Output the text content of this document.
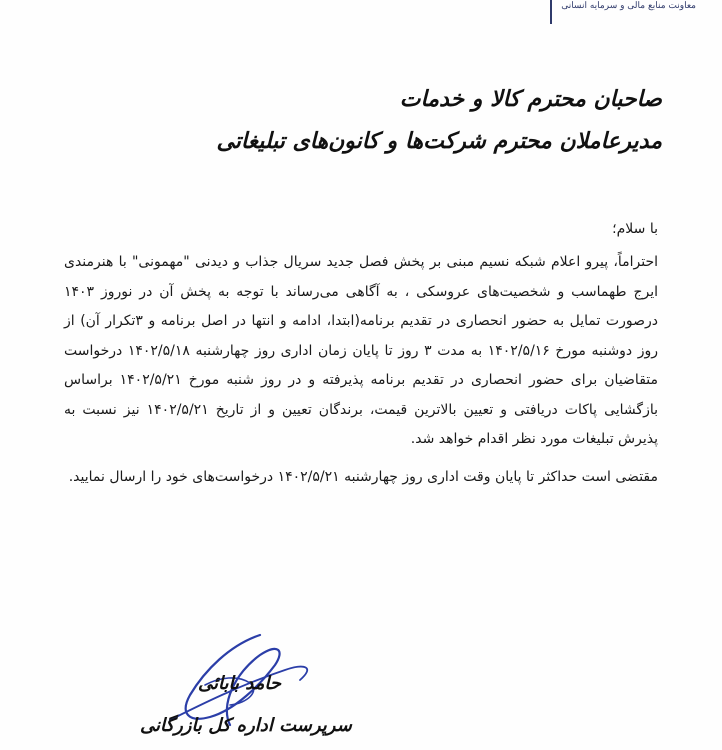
معاونت منابع مالی و سرمایه انسانی
صاحبان محترم کالا و خدمات
مدیرعاملان محترم شرکت‌ها و کانون‌های تبلیغاتی

با سلام؛

احتراماً، پیرو اعلام شبکه نسیم مبنی بر پخش فصل جدید سریال جذاب و دیدنی "مهمونی" با هنرمندی ایرج طهماسب و شخصیت‌های عروسکی ، به آگاهی می‌رساند با توجه به پخش آن در نوروز ۱۴۰۳ درصورت تمایل به حضور انحصاری در تقدیم برنامه(ابتدا، ادامه و انتها در اصل برنامه و ۳تکرار آن) از روز دوشنبه مورخ ۱۴۰۲/۵/۱۶ به مدت ۳ روز تا پایان زمان اداری روز چهارشنبه ۱۴۰۲/۵/۱۸ درخواست متقاضیان برای حضور انحصاری در تقدیم برنامه پذیرفته و در روز شنبه مورخ ۱۴۰۲/۵/۲۱ براساس بازگشایی پاکات دریافتی و تعیین بالاترین قیمت، برندگان تعیین و از تاریخ ۱۴۰۲/۵/۲۱ نیز نسبت به پذیرش تبلیغات مورد نظر اقدام خواهد شد.

مقتضی است حداکثر تا پایان وقت اداری روز چهارشنبه ۱۴۰۲/۵/۲۱ درخواست‌های خود را ارسال نمایید.

حامد بابائی
سرپرست اداره کل بازرگانی
